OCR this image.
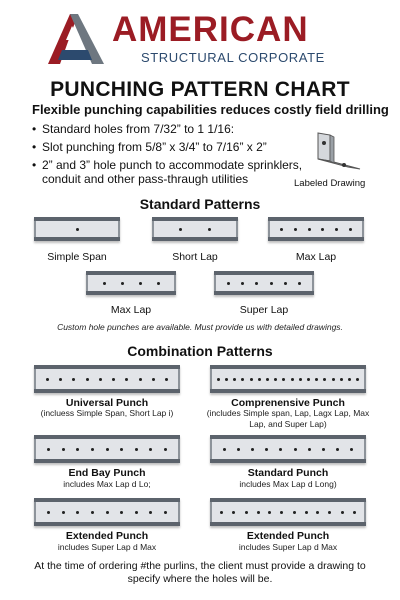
AMERICAN
STRUCTURAL CORPORATE
PUNCHING PATTERN CHART
Flexible punching capabilities reduces costly field drilling
• Standard holes from 7/32” to 1 1/16:
• Slot punching from 5/8” x 3/4” to 7/16” x 2”
• 2” and 3” hole punch to accommodate sprinklers,
conduit and other pass-thraugh utilities	Labeled Drawing
Standard Patterns
Simple Span	Short Lap	Max Lap
Max Lap	Super Lap
Custom hole punches are available. Must provide us with detailed drawings.
Combination Patterns
Universal Punch
(incluess Simple Span, Short Lap i)
Comprenensive Punch
(includes Simple span, Lap, Lagx Lap, Max Lap, and Super Lap)
End Bay Punch
includes Max Lap d Lo;
Standard Punch
includes Max Lap d Long)
Extended Punch
includes Super Lap d Max
Extended Punch
includes Super Lap d Max
At the time of ordering #the purlins, the client must provide a drawing to specify where the holes will be.
